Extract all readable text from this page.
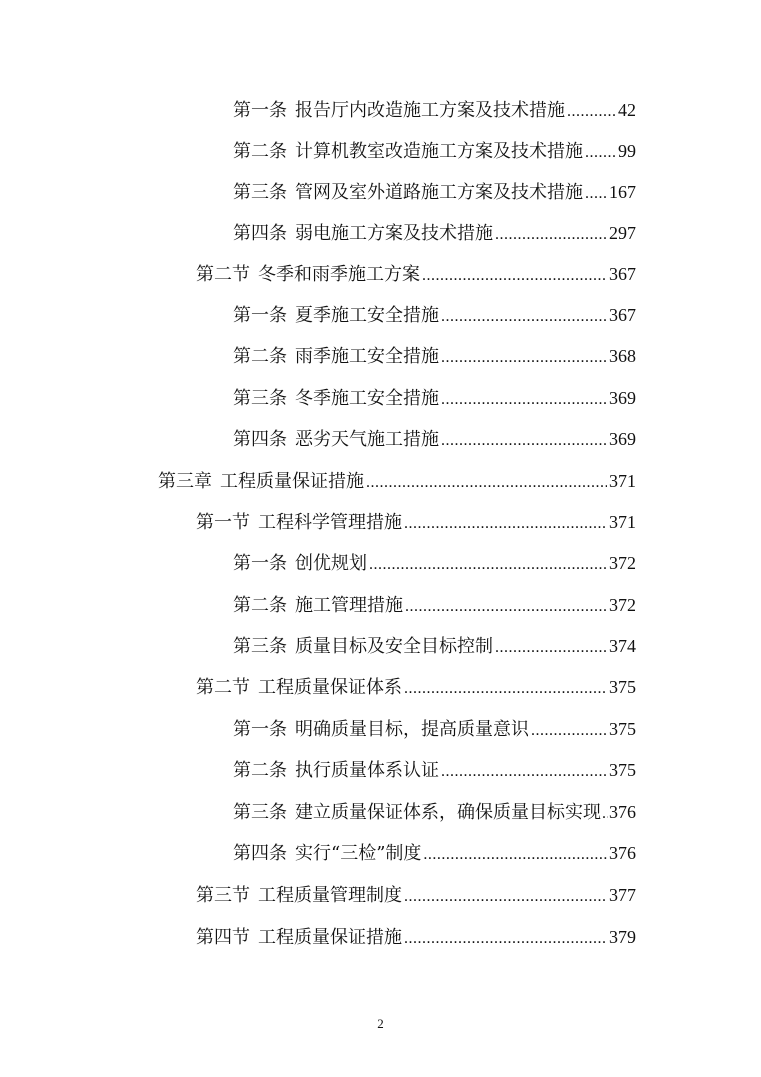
第一条 报告厅内改造施工方案及技术措施 .....	42
第二条 计算机教室改造施工方案及技术措施 ..... 99
第三条 管网及室外道路施工方案及技术措施 ..... 167
第四条 弱电施工方案及技术措施 .....	297
第二节 冬季和雨季施工方案 .....	367
第一条 夏季施工安全措施 .....	367
第二条 雨季施工安全措施 .....	368
第三条 冬季施工安全措施 .....	369
第四条 恶劣天气施工措施 .....	369
第三章 工程质量保证措施 .....	371
第一节 工程科学管理措施 .....	371
第一条 创优规划 .....	372
第二条 施工管理措施 .....	372
第三条 质量目标及安全目标控制 .....	374
第二节 工程质量保证体系 .....	375
第一条 明确质量目标，提高质量意识 .....	375
第二条 执行质量体系认证 .....	375
第三条 建立质量保证体系，确保质量目标实现 ..... 376
第四条 实行“三检”制度 .....	376
第三节 工程质量管理制度 .....	377
第四节 工程质量保证措施 .....	379
2
